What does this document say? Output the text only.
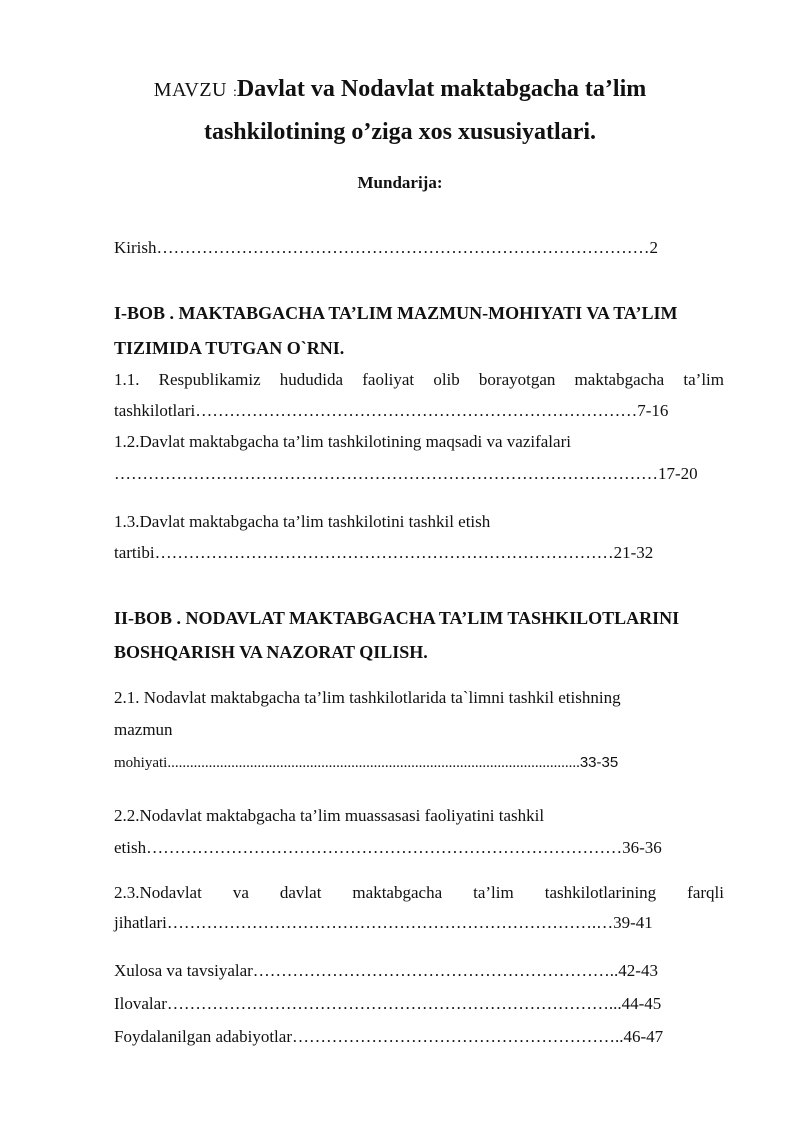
MAVZU :Davlat va Nodavlat maktabgacha ta’lim
tashkilotining o’ziga xos xususiyatlari.
Mundarija:
Kirish……………………………………………………………………………2
I-BOB . MAKTABGACHA TA’LIM MAZMUN-MOHIYATI VA TA’LIM
TIZIMIDA TUTGAN O`RNI.
1.1. Respublikamiz hududida faoliyat olib borayotgan maktabgacha ta’lim
tashkilotlari……………………………………………………………………7-16
1.2.Davlat maktabgacha ta’lim tashkilotining maqsadi va vazifalari
……………………………………………………………………………………17-20
1.3.Davlat maktabgacha ta’lim tashkilotini tashkil etish
tartibi………………………………………………………………………21-32
II-BOB . NODAVLAT MAKTABGACHA TA’LIM TASHKILOTLARINI
BOSHQARISH VA NAZORAT QILISH.
2.1. Nodavlat maktabgacha ta’lim tashkilotlarida ta`limni tashkil etishning
mazmun
mohiyati..............................................................................................................33-35
2.2.Nodavlat maktabgacha ta’lim muassasasi faoliyatini tashkil
etish…………………………………………………………………………36-36
2.3.Nodavlat va davlat maktabgacha ta’lim tashkilotlarining farqli
jihatlari………………………………………………………………….…39-41
Xulosa va tavsiyalar………………………………………………………..42-43
Ilovalar……………………………………………………………………...44-45
Foydalanilgan adabiyotlar…………………………………………………..46-47
